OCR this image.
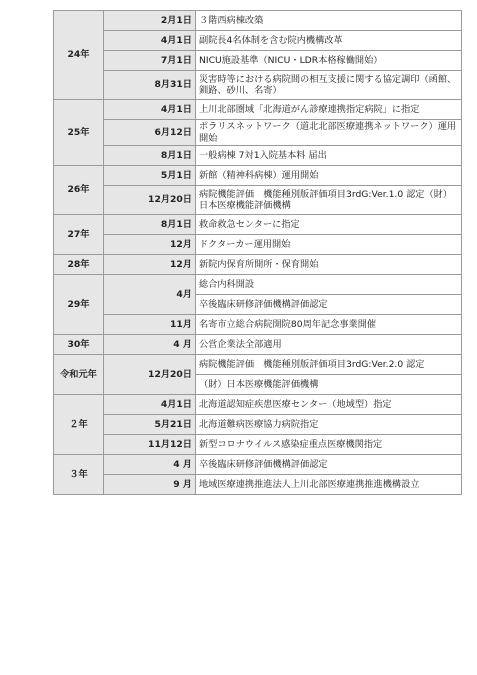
24年	2月1日	３階西病棟改築
	4月1日	副院長4名体制を含む院内機構改革
	7月1日	NICU施設基準（NICU・LDR本格稼働開始）
	8月31日	災害時等における病院間の相互支援に関する協定調印（函館、釧路、砂川、名寄）
25年	4月1日	上川北部圏域「北海道がん診療連携指定病院」に指定
	6月12日	ポラリスネットワーク（道北北部医療連携ネットワーク）運用開始
	8月1日	一般病棟 7対1入院基本料 届出
26年	5月1日	新館（精神科病棟）運用開始
	12月20日	病院機能評価　機能種別版評価項目3rdG:Ver.1.0 認定（財）日本医療機能評価機構
27年	8月1日	救命救急センターに指定
	12月	ドクターカー運用開始
28年	12月	新院内保育所開所・保育開始
29年	4月	総合内科開設
		卒後臨床研修評価機構評価認定
	11月	名寄市立総合病院開院80周年記念事業開催
30年	4 月	公営企業法全部適用
令和元年	12月20日	病院機能評価　機能種別版評価項目3rdG:Ver.2.0 認定
		（財）日本医療機能評価機構
２年	4月1日	北海道認知症疾患医療センター（地域型）指定
	5月21日	北海道難病医療協力病院指定
	11月12日	新型コロナウイルス感染症重点医療機関指定
３年	4 月	卒後臨床研修評価機構評価認定
	9 月	地域医療連携推進法人上川北部医療連携推進機構設立
